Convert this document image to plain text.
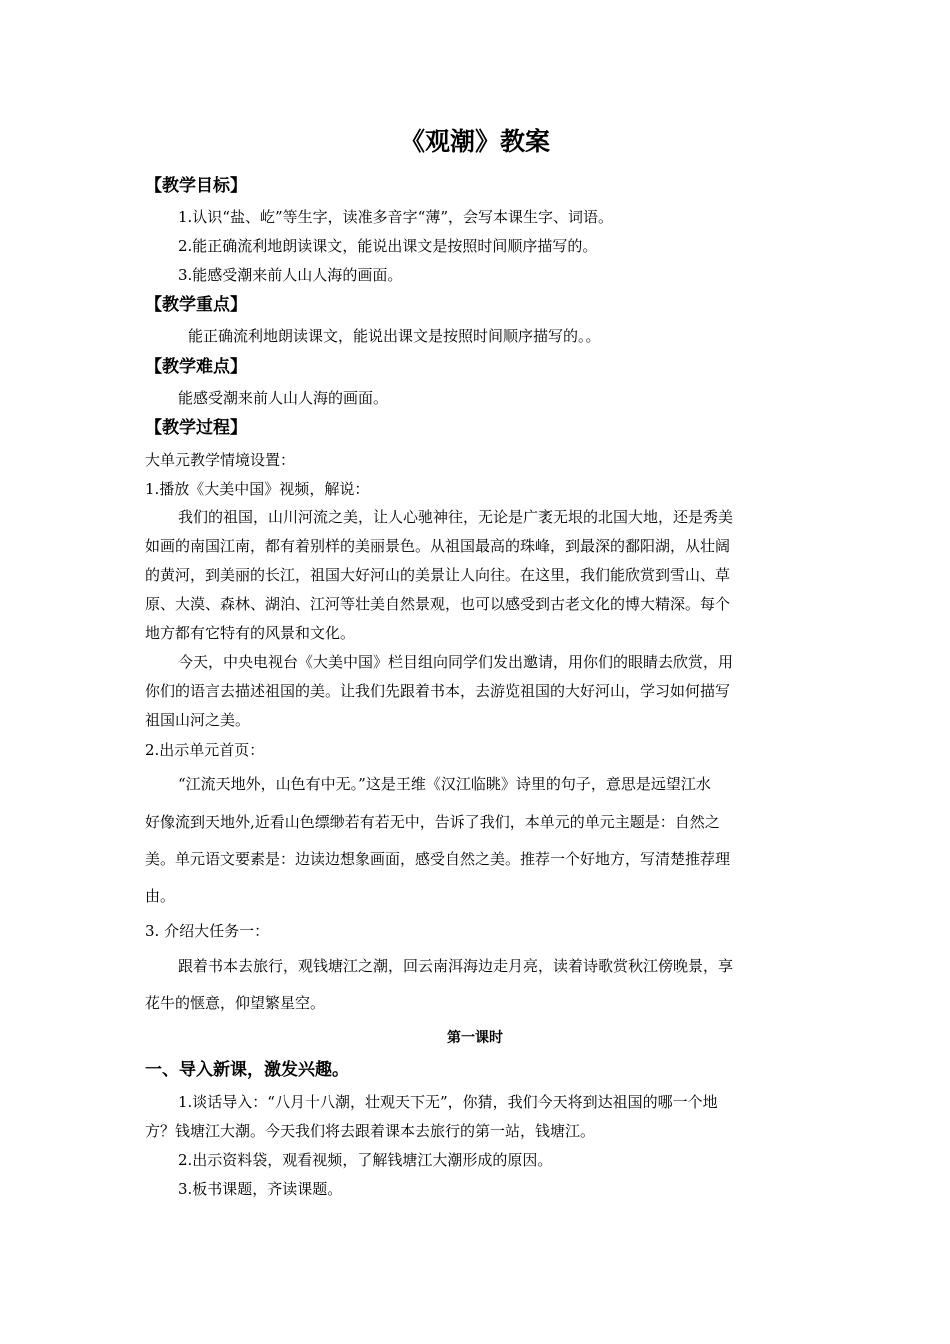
《观潮》教案
【教学目标】
1.认识“盐、屹”等生字，读准多音字“薄”，会写本课生字、词语。
2.能正确流利地朗读课文，能说出课文是按照时间顺序描写的。
3.能感受潮来前人山人海的画面。
【教学重点】
能正确流利地朗读课文，能说出课文是按照时间顺序描写的。。
【教学难点】
能感受潮来前人山人海的画面。
【教学过程】
大单元教学情境设置：
1.播放《大美中国》视频，解说：
我们的祖国，山川河流之美，让人心驰神往，无论是广袤无垠的北国大地，还是秀美
如画的南国江南，都有着别样的美丽景色。从祖国最高的珠峰，到最深的鄱阳湖，从壮阔
的黄河，到美丽的长江，祖国大好河山的美景让人向往。在这里，我们能欣赏到雪山、草
原、大漠、森林、湖泊、江河等壮美自然景观，也可以感受到古老文化的博大精深。每个
地方都有它特有的风景和文化。
今天，中央电视台《大美中国》栏目组向同学们发出邀请，用你们的眼睛去欣赏，用
你们的语言去描述祖国的美。让我们先跟着书本，去游览祖国的大好河山，学习如何描写
祖国山河之美。
2.出示单元首页：
“江流天地外，山色有中无。”这是王维《汉江临眺》诗里的句子，意思是远望江水
好像流到天地外,近看山色缥缈若有若无中，告诉了我们，本单元的单元主题是：自然之
美。单元语文要素是：边读边想象画面，感受自然之美。推荐一个好地方，写清楚推荐理
由。
3. 介绍大任务一：
跟着书本去旅行，观钱塘江之潮，回云南洱海边走月亮，读着诗歌赏秋江傍晚景，享
花牛的惬意，仰望繁星空。
第一课时
一、导入新课，激发兴趣。
1.谈话导入：“八月十八潮，壮观天下无”，你猜，我们今天将到达祖国的哪一个地
方？钱塘江大潮。今天我们将去跟着课本去旅行的第一站，钱塘江。
2.出示资料袋，观看视频，了解钱塘江大潮形成的原因。
3.板书课题，齐读课题。
